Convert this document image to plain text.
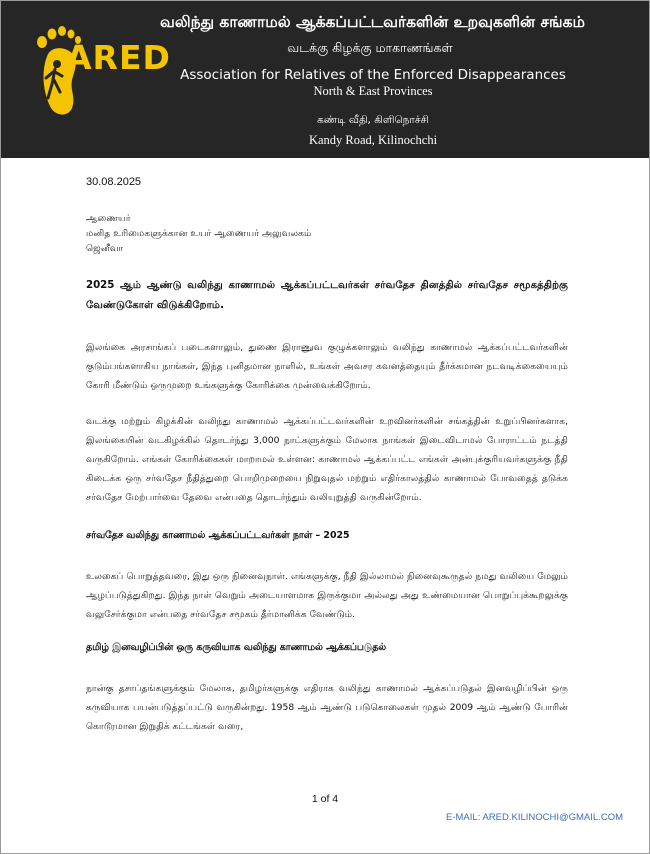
ARED
வலிந்து காணாமல் ஆக்கப்பட்டவர்களின் உறவுகளின் சங்கம்
வடக்கு கிழக்கு மாகாணங்கள்
Association for Relatives of the Enforced Disappearances
North & East Provinces
கண்டி வீதி, கிளிநொச்சி
Kandy Road, Kilinochchi
30.08.2025
ஆணையர்
மனித உரிமைகளுக்கான உயர் ஆணையர் அலுவலகம்
ஜெனீவா
2025 ஆம் ஆண்டு வலிந்து காணாமல் ஆக்கப்பட்டவர்கள் சர்வதேச தினத்தில் சர்வதேச சமூகத்திற்கு வேண்டுகோள் விடுக்கிறோம்.
இலங்கை அரசாங்கப் படைகளாலும், துணை இராணுவ குழுக்களாலும் வலிந்து காணாமல் ஆக்கப்பட்டவர்களின் குடும்பங்களாகிய நாங்கள், இந்த புனிதமான நாளில், உங்கள் அவசர கவனத்தையும் தீர்க்கமான நடவடிக்கையையும் கோரி மீண்டும் ஒருமுறை உங்களுக்கு கோரிக்கை முன்வைக்கிறோம்.
வடக்கு மற்றும் கிழக்கின் வலிந்து காணாமல் ஆக்கப்பட்டவர்களின் உறவினர்களின் சங்கத்தின் உறுப்பினர்களாக, இலங்கையின் வடகிழக்கில் தொடர்ந்து 3,000 நாட்களுக்கும் மேலாக நாங்கள் இடைவிடாமல் போராட்டம் நடத்தி வருகிறோம். எங்கள் கோரிக்கைகள் மாறாமல் உள்ளன: காணாமல் ஆக்கப்பட்ட எங்கள் அன்புக்குரியவர்களுக்கு நீதி கிடைக்க ஒரு சர்வதேச நீதித்துறை பொறிமுறையை நிறுவுதல் மற்றும் எதிர்காலத்தில் காணாமல் போவதைத் தடுக்க சர்வதேச மேற்பார்வை தேவை என்பதை தொடர்ந்தும் வலியுறுத்தி வருகின்றோம்.
சர்வதேச வலிந்து காணாமல் ஆக்கப்பட்டவர்கள் நாள் – 2025
உலகைப் பொறுத்தவரை, இது ஒரு நினைவுநாள். எங்களுக்கு, நீதி இல்லாமல் நினைவுகூருதல் நமது வலியை மேலும் ஆழப்படுத்துகிறது. இந்த நாள் வெறும் அடையாளமாக இருக்குமா அல்லது அது உண்மையான பொறுப்புக்கூறலுக்கு வலுசேர்க்குமா என்பதை சர்வதேச சமூகம் தீர்மானிக்க வேண்டும்.
தமிழ் இனவழிப்பின் ஒரு கருவியாக வலிந்து காணாமல் ஆக்கப்படுதல்
நான்கு தசாப்தங்களுக்கும் மேலாக, தமிழர்களுக்கு எதிராக வலிந்து காணாமல் ஆக்கப்படுதல் இனவழிப்பின் ஒரு கருவியாக பயன்படுத்தப்பட்டு வருகின்றது. 1958 ஆம் ஆண்டு படுகொலைகள் முதல் 2009 ஆம் ஆண்டு போரின் கொடூரமான இறுதிக் கட்டங்கள் வரை,
1 of 4
E-MAIL: ARED.KILINOCHI@GMAIL.COM
